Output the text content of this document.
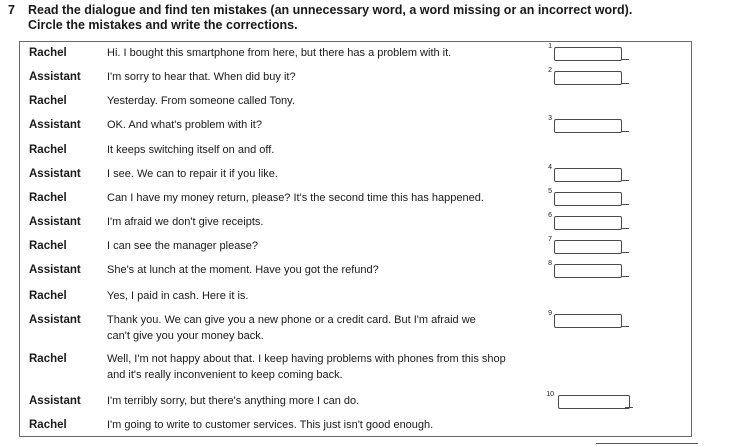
7 Read the dialogue and find ten mistakes (an unnecessary word, a word missing or an incorrect word).
Circle the mistakes and write the corrections.
Rachel	Hi. I bought this smartphone from here, but there has a problem with it.
1
Assistant I'm sorry to hear that. When did buy it?
2
Rachel	Yesterday. From someone called Tony.
Assistant OK. And what's problem with it?
3
Rachel	It keeps switching itself on and off.
Assistant I see. We can to repair it if you like.
4
Rachel	Can I have my money return, please? It's the second time this has happened.
5
Assistant I'm afraid we don't give receipts.
6
Rachel	I can see the manager please?
7
Assistant She's at lunch at the moment. Have you got the refund?
8
Rachel	Yes, I paid in cash. Here it is.
Assistant Thank you. We can give you a new phone or a credit card. But I'm afraid we can't give you your money back.
9
Rachel	Well, I'm not happy about that. I keep having problems with phones from this shop and it's really inconvenient to keep coming back.
Assistant I'm terribly sorry, but there's anything more I can do.
10
Rachel	I'm going to write to customer services. This just isn't good enough.
